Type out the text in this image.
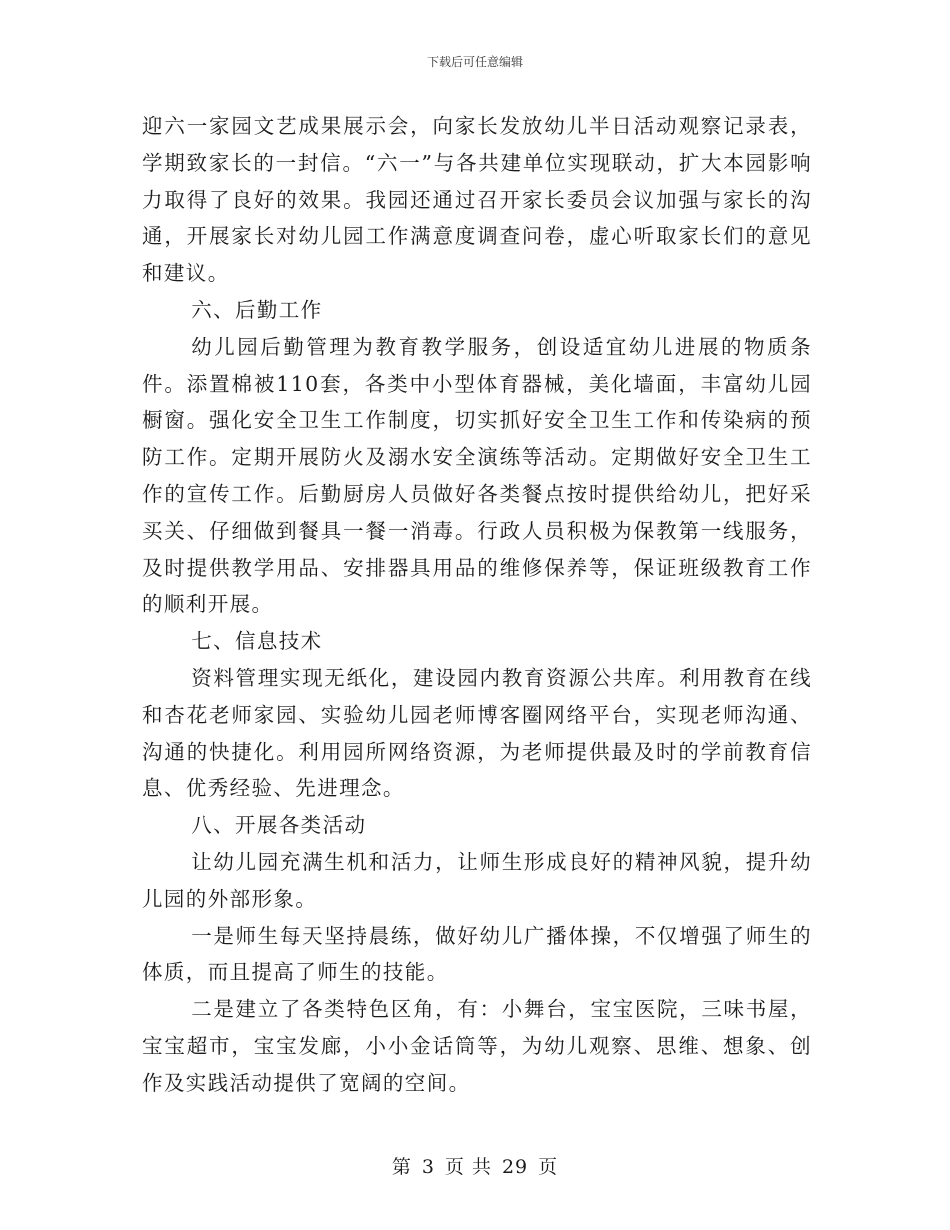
下载后可任意编辑

迎六一家园文艺成果展示会，向家长发放幼儿半日活动观察记录表，学期致家长的一封信。“六一”与各共建单位实现联动，扩大本园影响力取得了良好的效果。我园还通过召开家长委员会议加强与家长的沟通，开展家长对幼儿园工作满意度调查问卷，虚心听取家长们的意见和建议。

六、后勤工作

幼儿园后勤管理为教育教学服务，创设适宜幼儿进展的物质条件。添置棉被110套，各类中小型体育器械，美化墙面，丰富幼儿园橱窗。强化安全卫生工作制度，切实抓好安全卫生工作和传染病的预防工作。定期开展防火及溺水安全演练等活动。定期做好安全卫生工作的宣传工作。后勤厨房人员做好各类餐点按时提供给幼儿，把好采买关、仔细做到餐具一餐一消毒。行政人员积极为保教第一线服务，及时提供教学用品、安排器具用品的维修保养等，保证班级教育工作的顺利开展。

七、信息技术

资料管理实现无纸化，建设园内教育资源公共库。利用教育在线和杏花老师家园、实验幼儿园老师博客圈网络平台，实现老师沟通、沟通的快捷化。利用园所网络资源，为老师提供最及时的学前教育信息、优秀经验、先进理念。

八、开展各类活动

让幼儿园充满生机和活力，让师生形成良好的精神风貌，提升幼儿园的外部形象。

一是师生每天坚持晨练，做好幼儿广播体操，不仅增强了师生的体质，而且提高了师生的技能。

二是建立了各类特色区角，有：小舞台，宝宝医院，三味书屋，宝宝超市，宝宝发廊，小小金话筒等，为幼儿观察、思维、想象、创作及实践活动提供了宽阔的空间。

第 3 页 共 29 页
